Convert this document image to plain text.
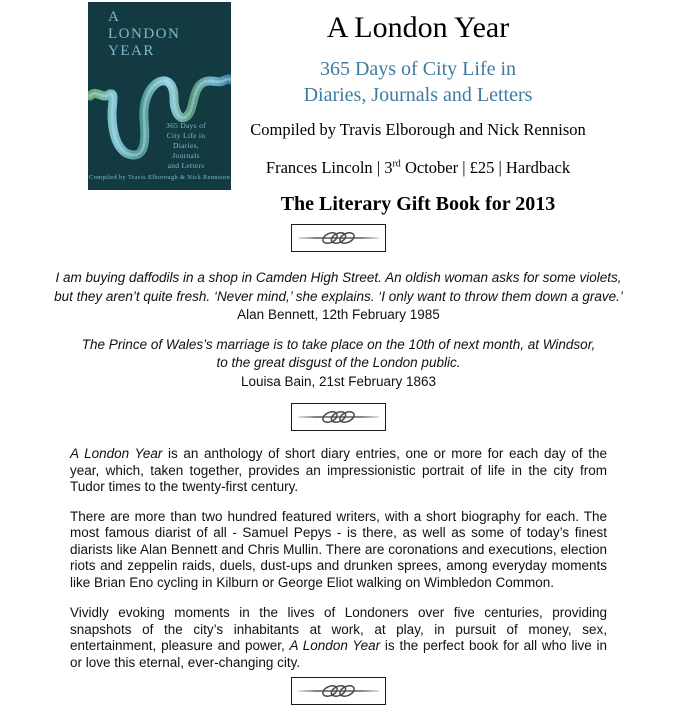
A
LONDON
YEAR
365 Days of
City Life in
Diaries,
Journals
and Letters
Compiled by Travis Elborough & Nick Rennison
A London Year
365 Days of City Life in
Diaries, Journals and Letters
Compiled by Travis Elborough and Nick Rennison
Frances Lincoln | 3rd October | £25 | Hardback
The Literary Gift Book for 2013
I am buying daffodils in a shop in Camden High Street. An oldish woman asks for some violets,
but they aren’t quite fresh. ‘Never mind,’ she explains. ‘I only want to throw them down a grave.’
Alan Bennett, 12th February 1985
The Prince of Wales’s marriage is to take place on the 10th of next month, at Windsor,
to the great disgust of the London public.
Louisa Bain, 21st February 1863

A London Year is an anthology of short diary entries, one or more for each day of the year, which, taken together, provides an impressionistic portrait of life in the city from Tudor times to the twenty-first century.

There are more than two hundred featured writers, with a short biography for each. The most famous diarist of all - Samuel Pepys - is there, as well as some of today’s finest diarists like Alan Bennett and Chris Mullin. There are coronations and executions, election riots and zeppelin raids, duels, dust-ups and drunken sprees, among everyday moments like Brian Eno cycling in Kilburn or George Eliot walking on Wimbledon Common.

Vividly evoking moments in the lives of Londoners over five centuries, providing snapshots of the city’s inhabitants at work, at play, in pursuit of money, sex, entertainment, pleasure and power, A London Year is the perfect book for all who live in or love this eternal, ever-changing city.
